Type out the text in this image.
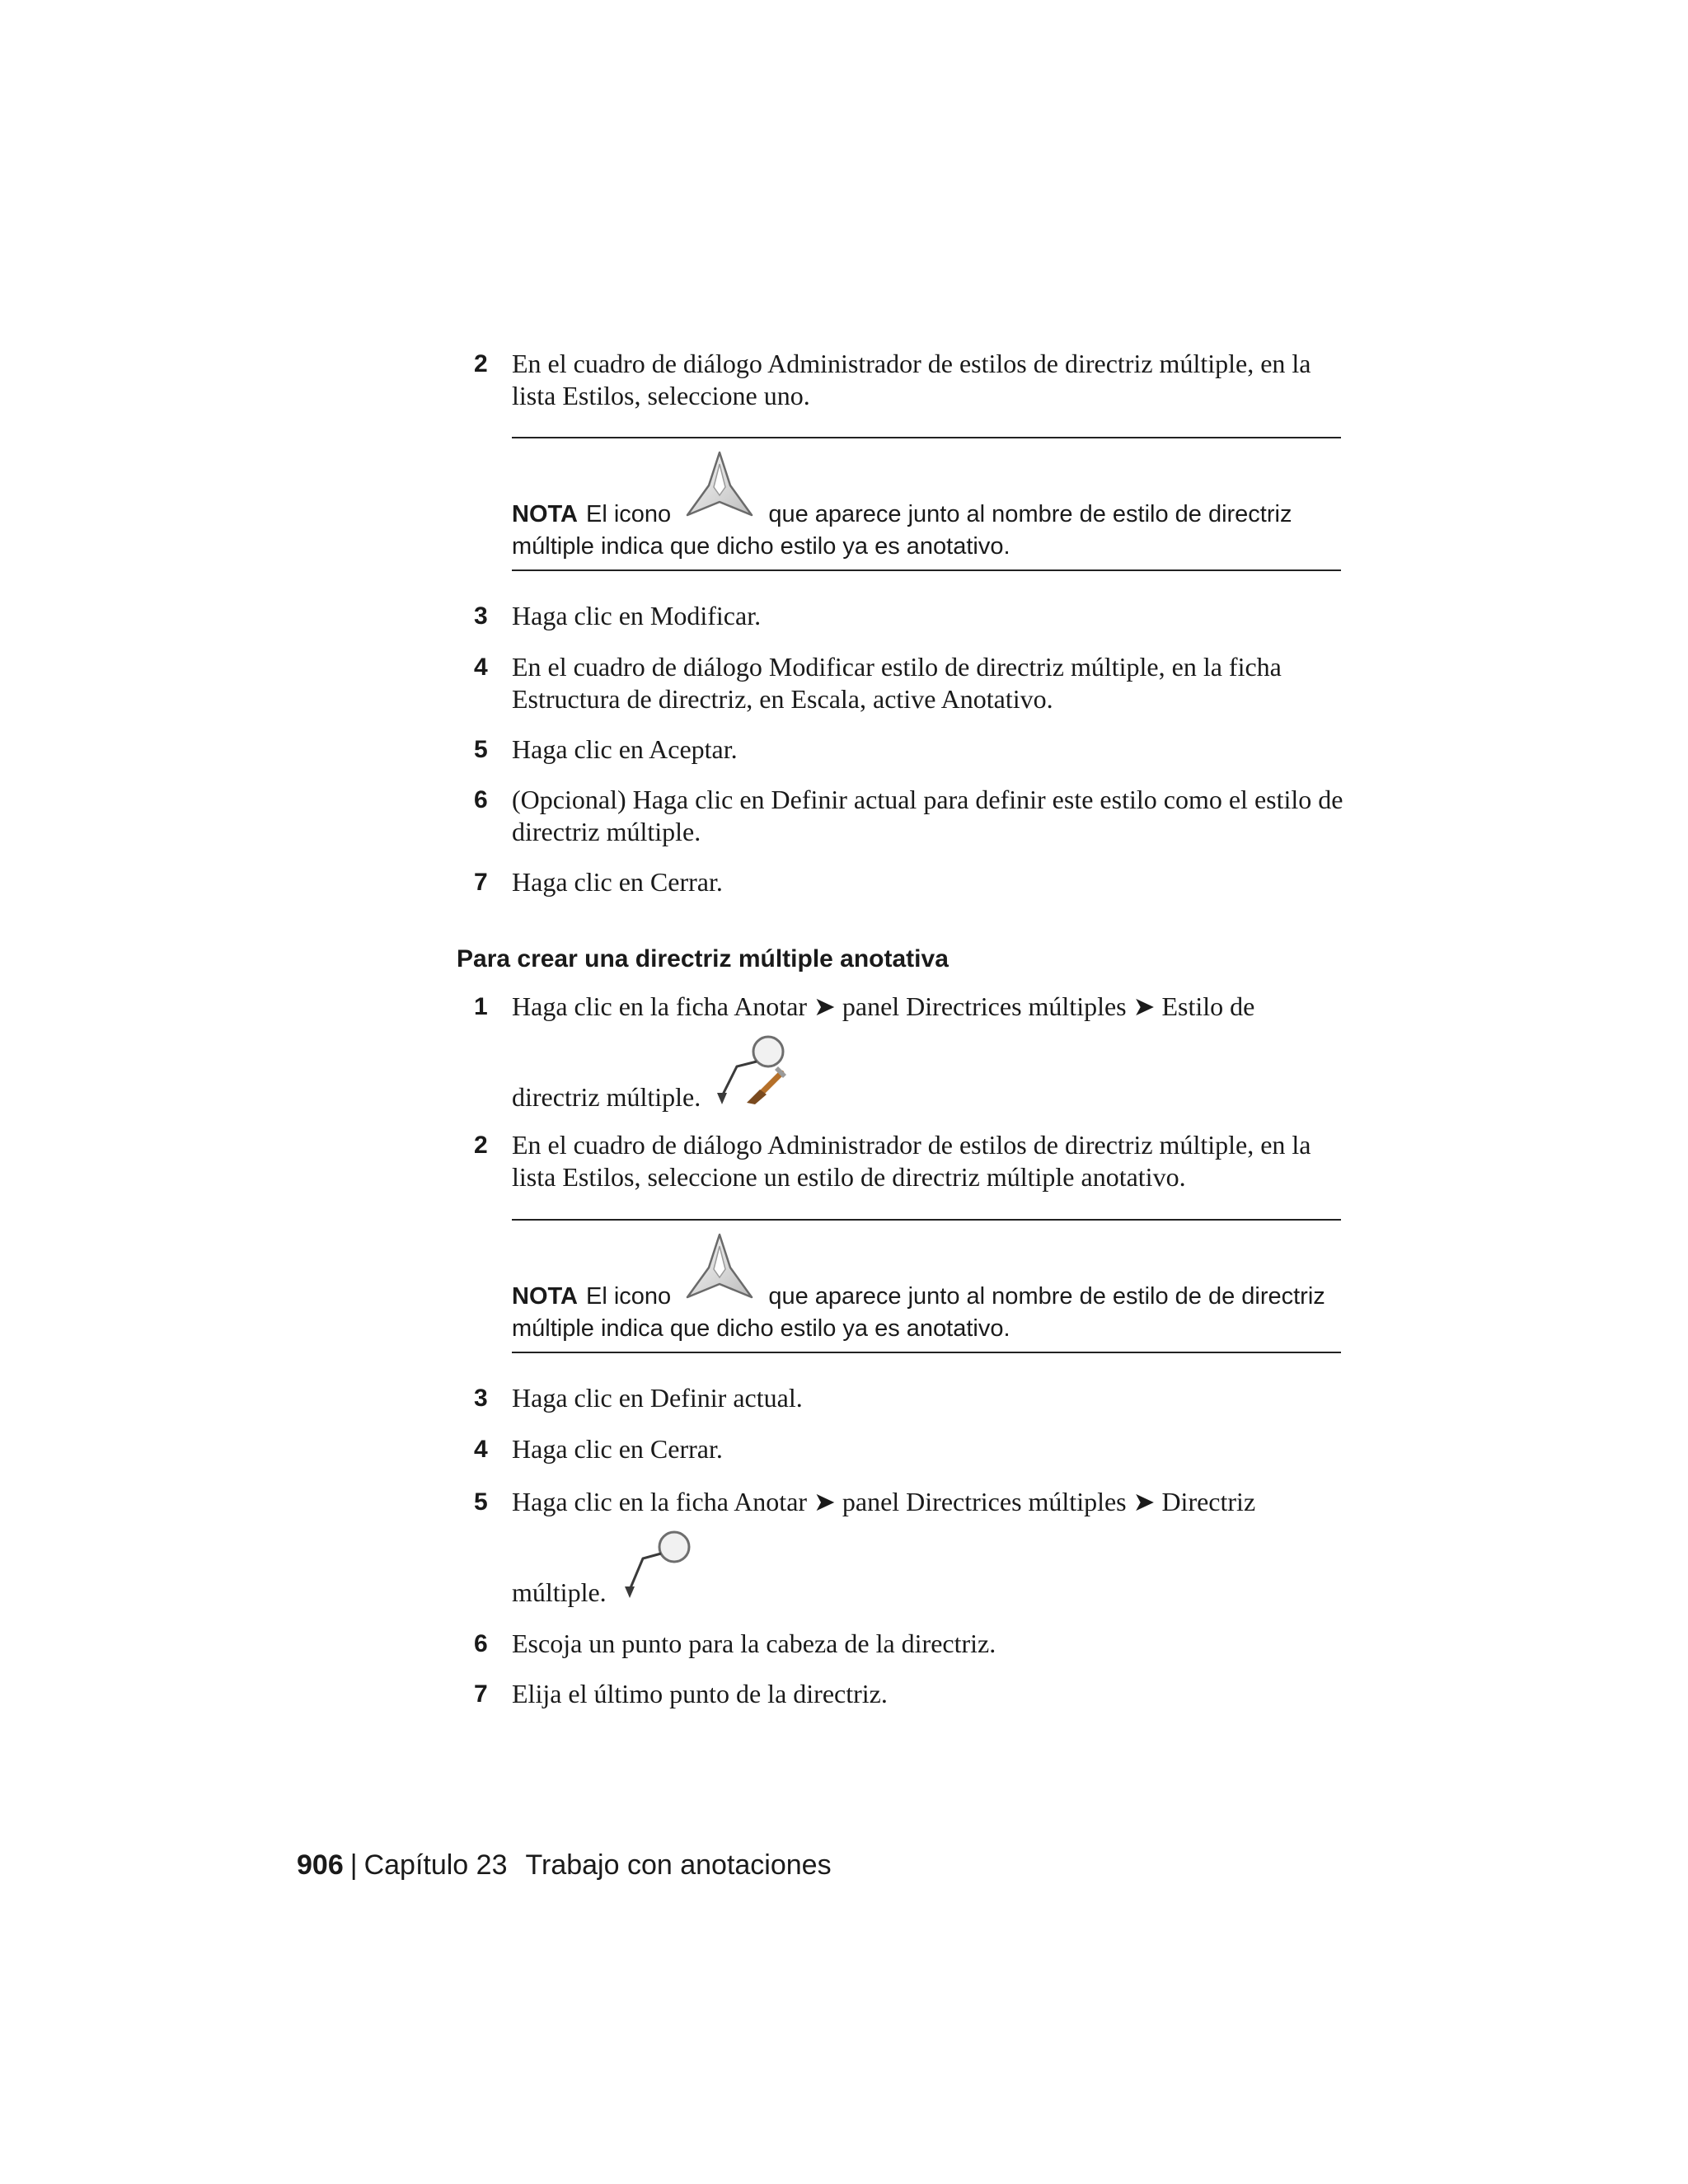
2 En el cuadro de diálogo Administrador de estilos de directriz múltiple, en la lista Estilos, seleccione uno.
NOTA El icono	que aparece junto al nombre de estilo de directriz
múltiple indica que dicho estilo ya es anotativo.
3 Haga clic en Modificar.
4 En el cuadro de diálogo Modificar estilo de directriz múltiple, en la ficha Estructura de directriz, en Escala, active Anotativo.
5 Haga clic en Aceptar.
6 (Opcional) Haga clic en Definir actual para definir este estilo como el estilo de directriz múltiple.
7 Haga clic en Cerrar.
Para crear una directriz múltiple anotativa
1 Haga clic en la ficha Anotar ➤ panel Directrices múltiples ➤ Estilo de
directriz múltiple.
2 En el cuadro de diálogo Administrador de estilos de directriz múltiple, en la lista Estilos, seleccione un estilo de directriz múltiple anotativo.
NOTA El icono	que aparece junto al nombre de estilo de de directriz
múltiple indica que dicho estilo ya es anotativo.
3 Haga clic en Definir actual.
4 Haga clic en Cerrar.
5 Haga clic en la ficha Anotar ➤ panel Directrices múltiples ➤ Directriz
múltiple.
6 Escoja un punto para la cabeza de la directriz.
7 Elija el último punto de la directriz.
906 | Capítulo 23 Trabajo con anotaciones
